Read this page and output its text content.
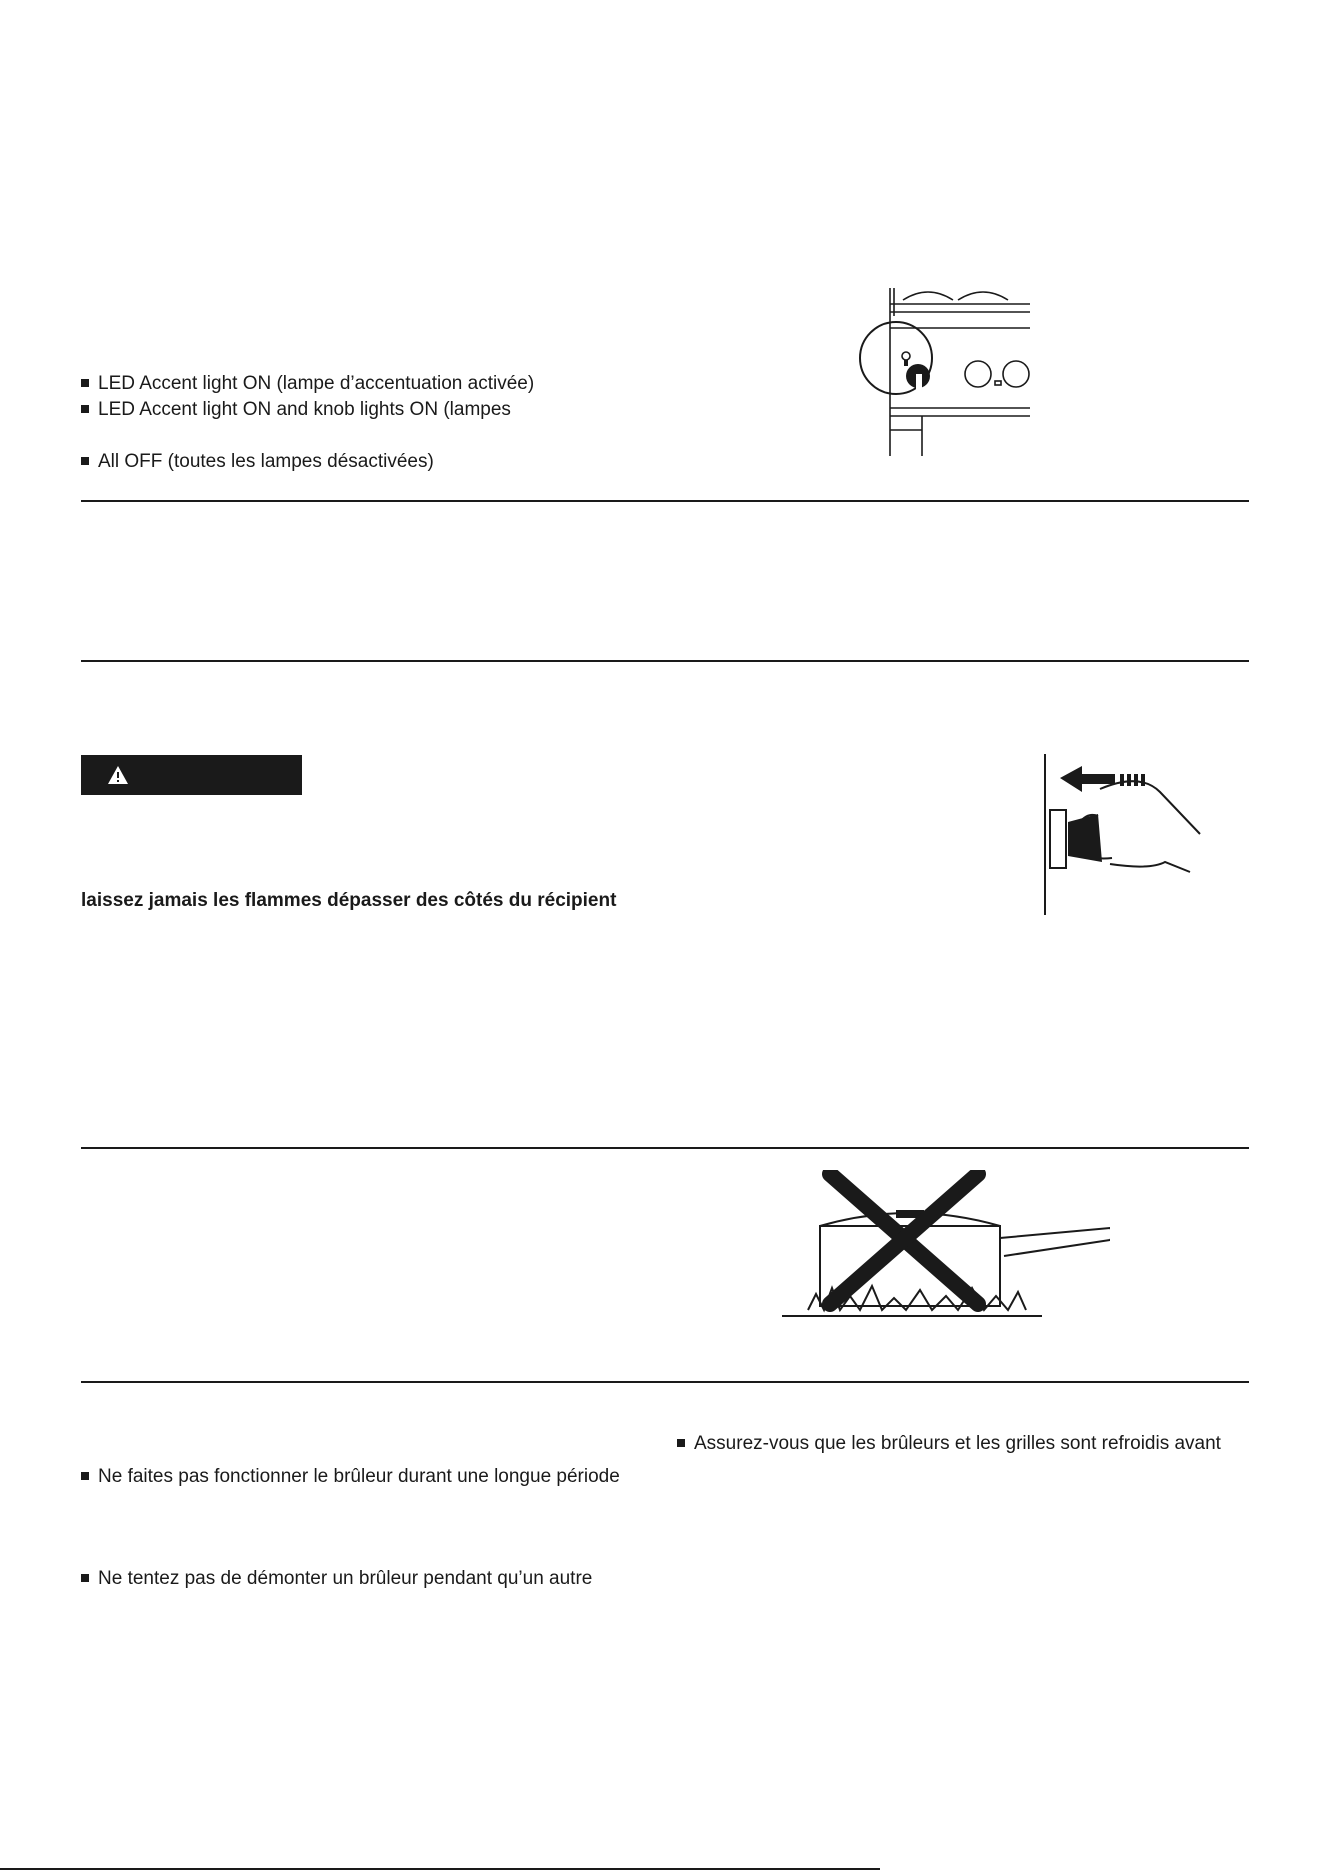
LED Accent light ON (lampe d’accentuation activée)
LED Accent light ON and knob lights ON (lampes
All OFF (toutes les lampes désactivées)
laissez jamais les flammes dépasser des côtés du récipient
Ne faites pas fonctionner le brûleur durant une longue période
Ne tentez pas de démonter un brûleur pendant qu’un autre
Assurez-vous que les brûleurs et les grilles sont refroidis avant
